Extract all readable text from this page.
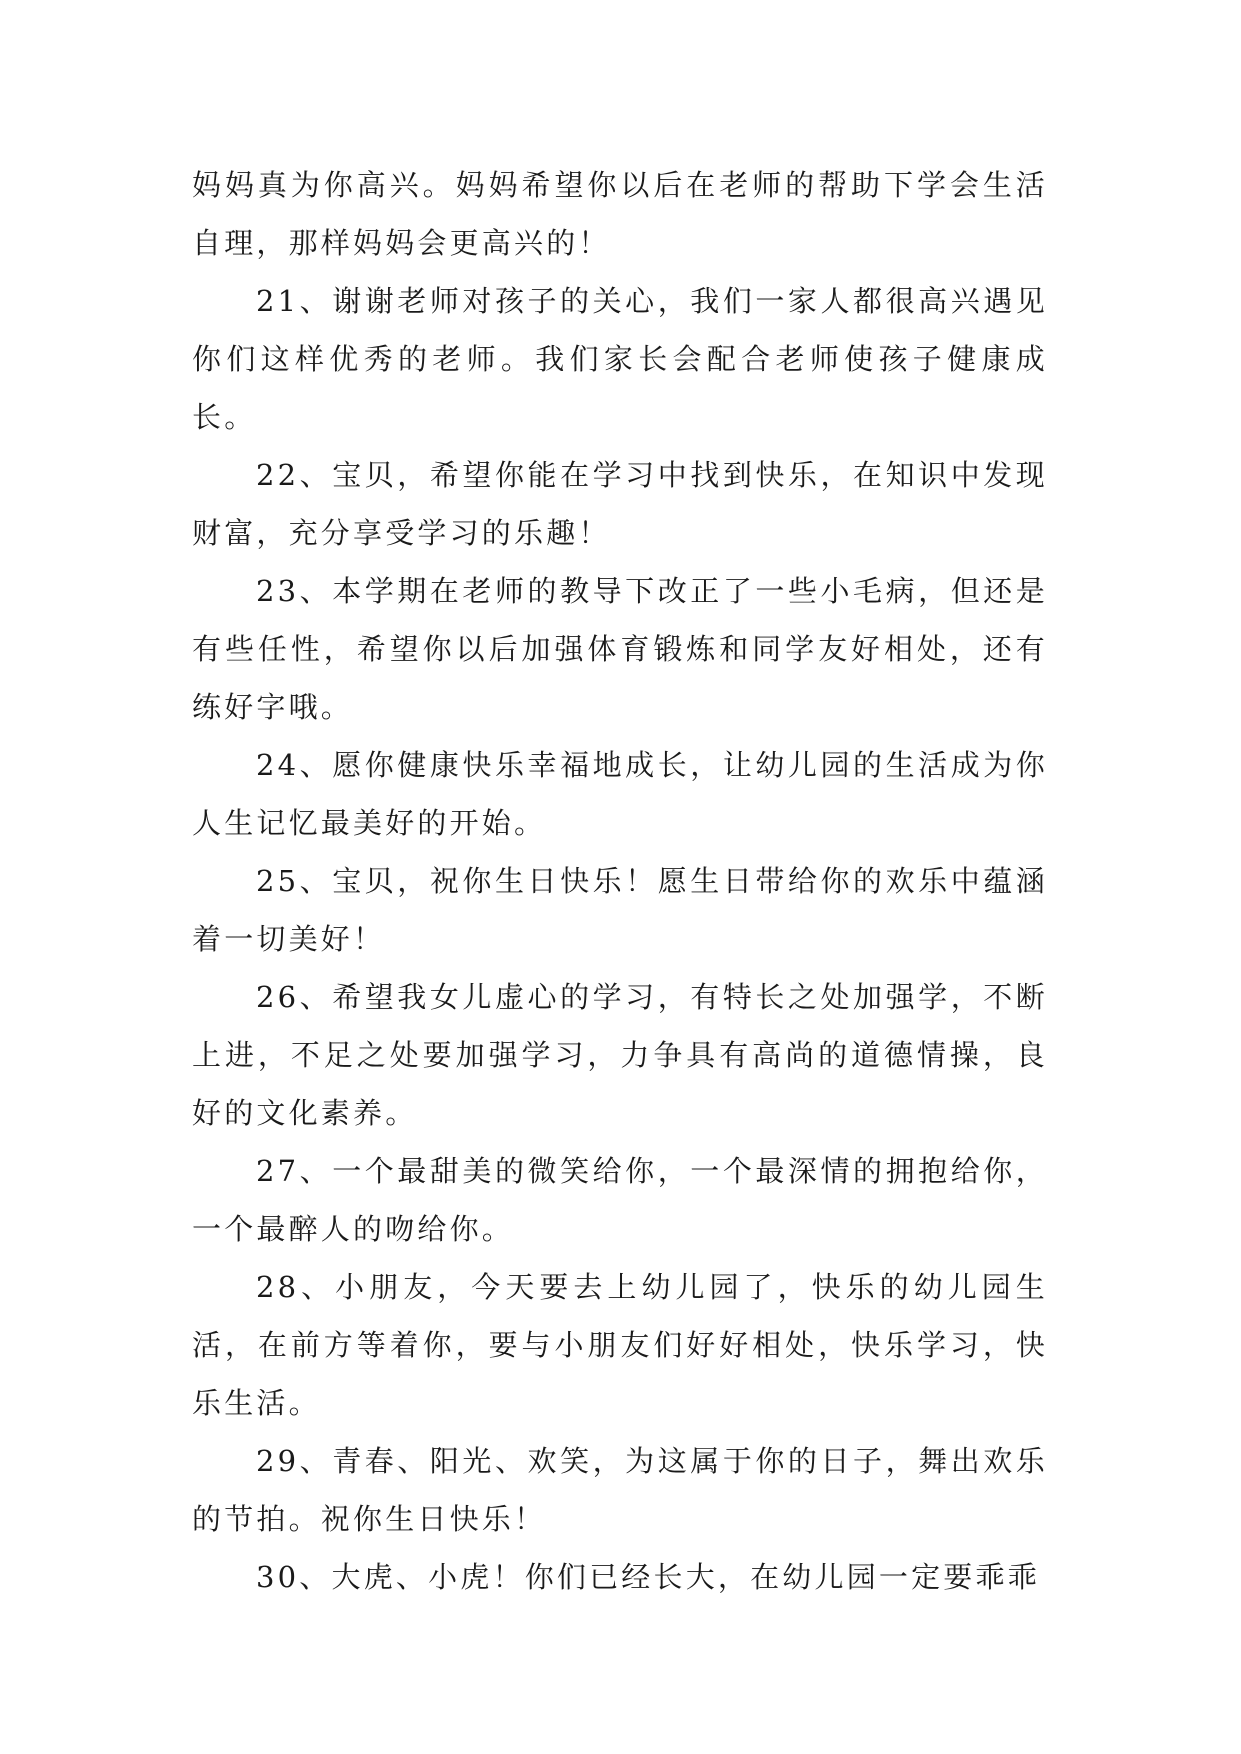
妈妈真为你高兴。妈妈希望你以后在老师的帮助下学会生活自理，那样妈妈会更高兴的！

21、谢谢老师对孩子的关心，我们一家人都很高兴遇见你们这样优秀的老师。我们家长会配合老师使孩子健康成长。

22、宝贝，希望你能在学习中找到快乐，在知识中发现财富，充分享受学习的乐趣！

23、本学期在老师的教导下改正了一些小毛病，但还是有些任性，希望你以后加强体育锻炼和同学友好相处，还有练好字哦。

24、愿你健康快乐幸福地成长，让幼儿园的生活成为你人生记忆最美好的开始。

25、宝贝，祝你生日快乐！愿生日带给你的欢乐中蕴涵着一切美好！

26、希望我女儿虚心的学习，有特长之处加强学，不断上进，不足之处要加强学习，力争具有高尚的道德情操，良好的文化素养。

27、一个最甜美的微笑给你，一个最深情的拥抱给你，一个最醉人的吻给你。

28、小朋友，今天要去上幼儿园了，快乐的幼儿园生活，在前方等着你，要与小朋友们好好相处，快乐学习，快乐生活。

29、青春、阳光、欢笑，为这属于你的日子，舞出欢乐的节拍。祝你生日快乐！

30、大虎、小虎！你们已经长大，在幼儿园一定要乖乖
